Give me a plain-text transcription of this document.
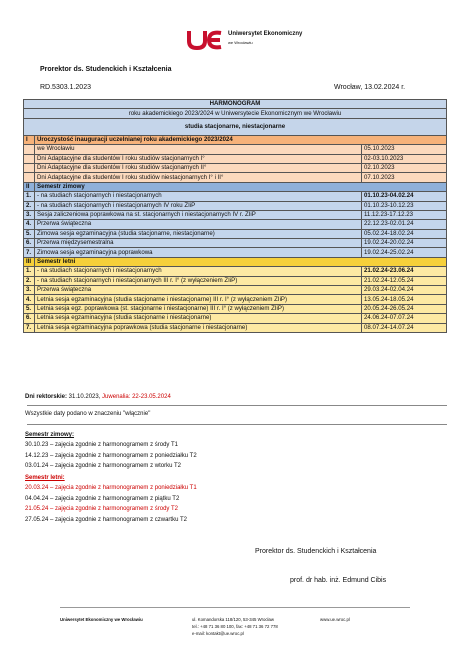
Uniwersytet Ekonomiczny
we Wrocławiu
Prorektor ds. Studenckich i Kształcenia
RD.5303.1.2023	Wrocław, 13.02.2024 r.
HARMONOGRAM		
roku akademickiego 2023/2024 w Uniwersytecie Ekonomicznym we Wrocławiu		
studia stacjonarne, niestacjonarne		
I	Uroczystość inauguracji uczelnianej roku akademickiego 2023/2024	
	we Wrocławiu	05.10.2023
	Dni Adaptacyjne dla studentów I roku studiów stacjonarnych I°	02-03.10.2023
	Dni Adaptacyjne dla studentów I roku studiów stacjonarnych II°	02.10.2023
	Dni Adaptacyjne dla studentów I roku studiów niestacjonarnych I° i II°	07.10.2023
II	Semestr zimowy	
1.	- na studiach stacjonarnych i niestacjonarnych	01.10.23-04.02.24
2.	- na studiach stacjonarnych i niestacjonarnych IV roku ZIiP	01.10.23-10.12.23
3.	Sesja zaliczeniowa poprawkowa na st. stacjonarnych i niestacjonarnych IV r. ZIiP	11.12.23-17.12.23
4.	Przerwa świąteczna	22.12.23-02.01.24
5.	Zimowa sesja egzaminacyjna (studia stacjonarne, niestacjonarne)	05.02.24-18.02.24
6.	Przerwa międzysemestralna	19.02.24-20.02.24
7.	Zimowa sesja egzaminacyjna poprawkowa	19.02.24-25.02.24
III	Semestr letni	
1.	- na studiach stacjonarnych i niestacjonarnych	21.02.24-23.06.24
2.	- na studiach stacjonarnych i niestacjonarnych III r. I° (z wyłączeniem ZIiP)	21.02.24-12.05.24
3.	Przerwa świąteczna	29.03.24-02.04.24
4.	Letnia sesja egzaminacyjna (studia stacjonarne i niestacjonarne) III r. I° (z wyłączeniem ZIiP)	13.05.24-18.05.24
5.	Letnia sesja egz. poprawkowa (st. stacjonarne i niestacjonarne) III r. I° (z wyłączeniem ZIiP)	20.05.24-26.05.24
6.	Letnia sesja egzaminacyjna (studia stacjonarne i niestacjonarne)	24.06.24-07.07.24
7.	Letnia sesja egzaminacyjna poprawkowa (studia stacjonarne i niestacjonarne)	08.07.24-14.07.24
Dni rektorskie: 31.10.2023, Juwenalia: 22-23.05.2024
Wszystkie daty podano w znaczeniu "włącznie"
Semestr zimowy:
30.10.23 – zajęcia zgodnie z harmonogramem z środy T1
14.12.23 – zajęcia zgodnie z harmonogramem z poniedziałku T2
03.01.24 – zajęcia zgodnie z harmonogramem z wtorku T2
Semestr letni:
20.03.24 – zajęcia zgodnie z harmonogramem z poniedziałku T1
04.04.24 – zajęcia zgodnie z harmonogramem z piątku T2
21.05.24 – zajęcia zgodnie z harmonogramem z środy T2
27.05.24 – zajęcia zgodnie z harmonogramem z czwartku T2
Prorektor ds. Studenckich i Kształcenia
prof. dr hab. inż. Edmund Cibis
Uniwersytet Ekonomiczny we Wrocławiu	ul. Komandorska 118/120, 53-345 Wrocław
tel.: +48 71 36 80 100, fax: +48 71 36 72 778
e-mail: kontakt@ue.wroc.pl
www.ue.wroc.pl
